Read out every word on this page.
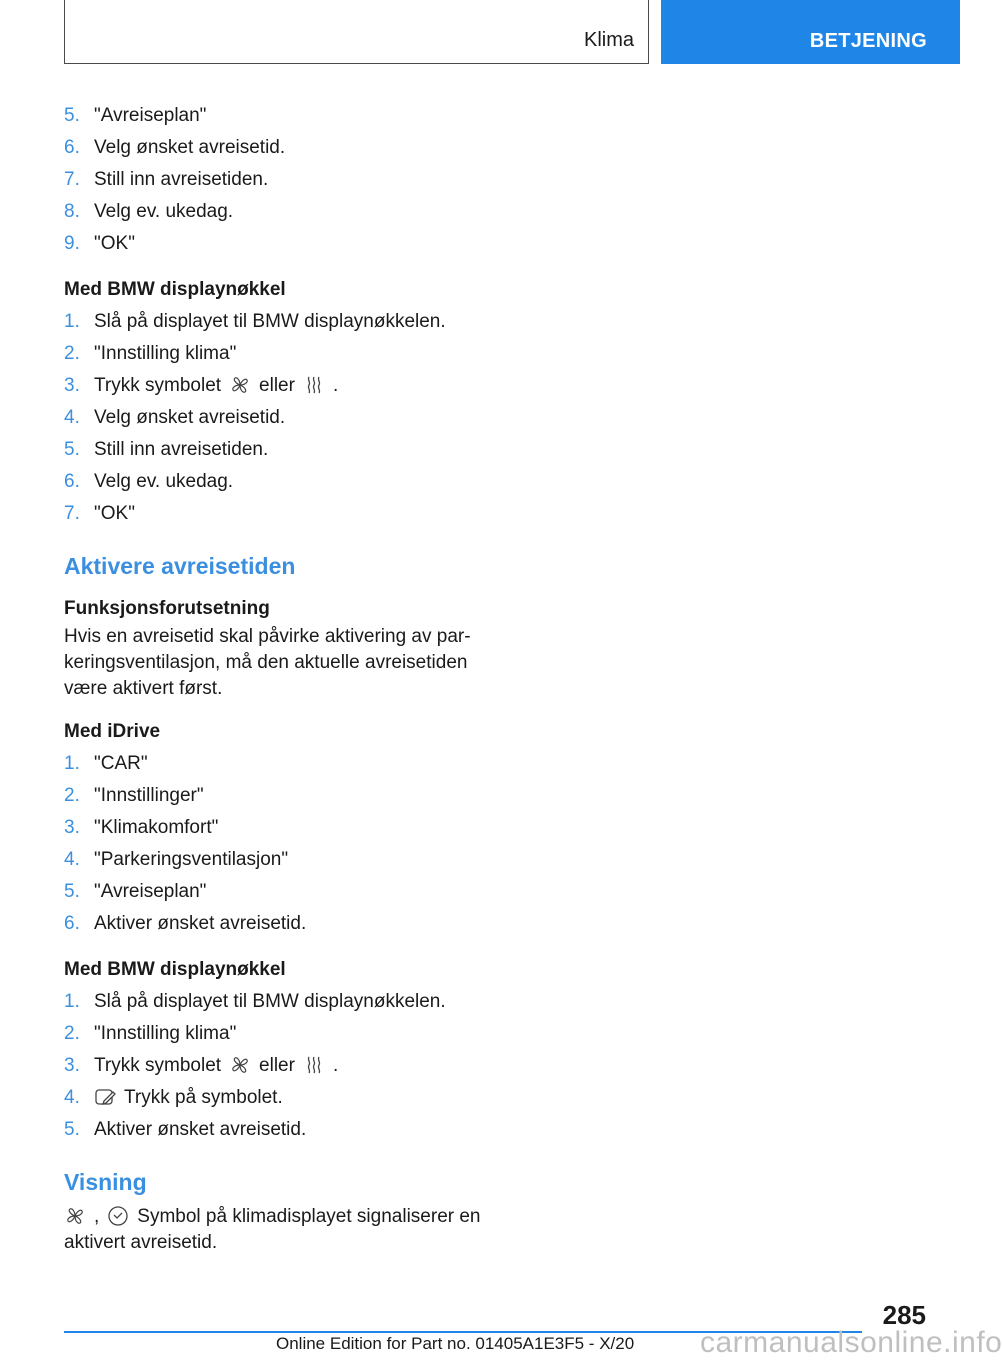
Klima	BETJENING
5. "Avreiseplan"
6. Velg ønsket avreisetid.
7. Still inn avreisetiden.
8. Velg ev. ukedag.
9. "OK"
Med BMW displaynøkkel
1. Slå på displayet til BMW displaynøkkelen.
2. "Innstilling klima"
3. Trykk symbolet eller .
4. Velg ønsket avreisetid.
5. Still inn avreisetiden.
6. Velg ev. ukedag.
7. "OK"
Aktivere avreisetiden
Funksjonsforutsetning
Hvis en avreisetid skal påvirke aktivering av par-
keringsventilasjon, må den aktuelle avreisetiden
være aktivert først.
Med iDrive
1. "CAR"
2. "Innstillinger"
3. "Klimakomfort"
4. "Parkeringsventilasjon"
5. "Avreiseplan"
6. Aktiver ønsket avreisetid.
Med BMW displaynøkkel
1. Slå på displayet til BMW displaynøkkelen.
2. "Innstilling klima"
3. Trykk symbolet eller .
4.	Trykk på symbolet.
5. Aktiver ønsket avreisetid.
Visning
, Symbol på klimadisplayet signaliserer en
aktivert avreisetid.
285
Online Edition for Part no. 01405A1E3F5 - X/20 carmanualsonline.info
